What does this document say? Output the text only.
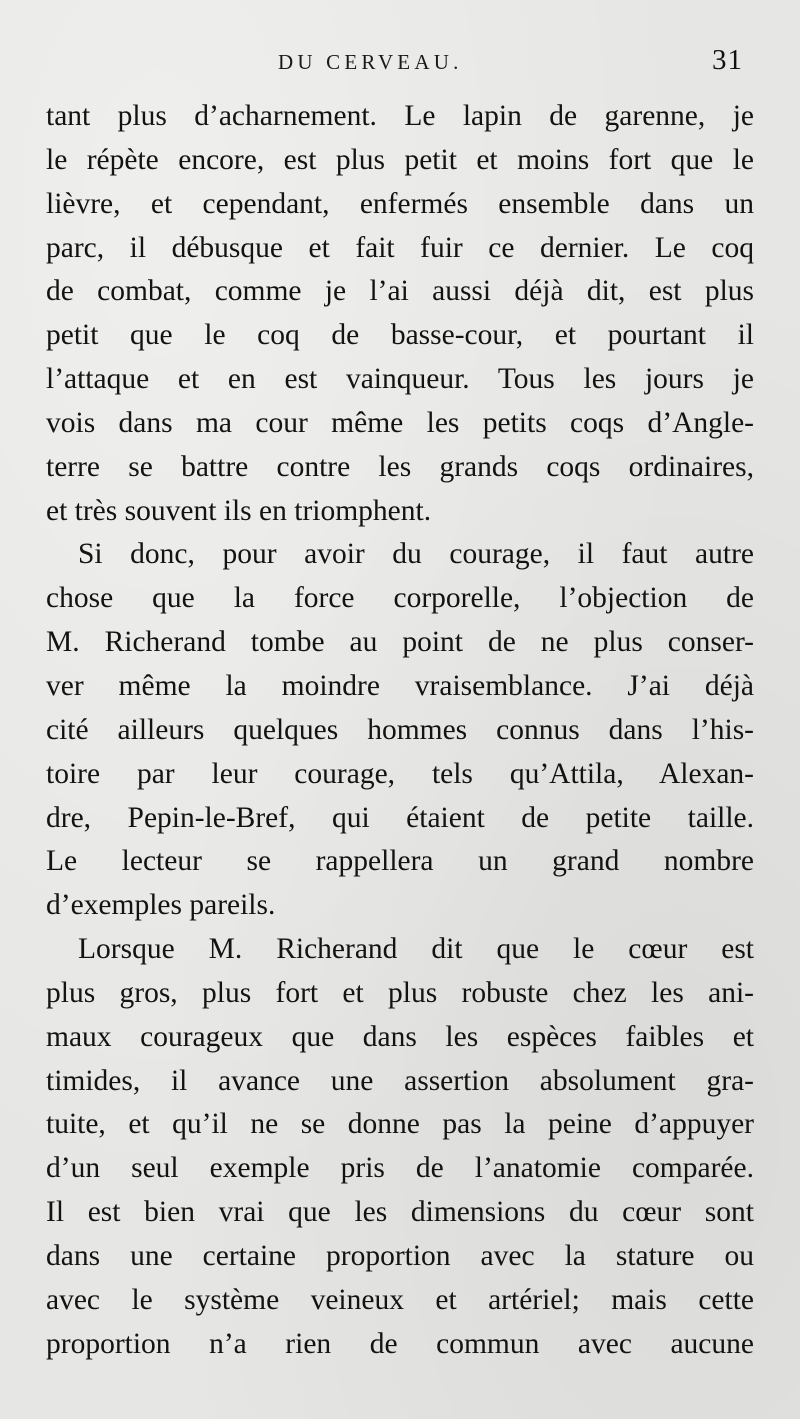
DU CERVEAU.	31
tant plus d’acharnement. Le lapin de garenne, je
le répète encore, est plus petit et moins fort que le
lièvre, et cependant, enfermés ensemble dans un
parc, il débusque et fait fuir ce dernier. Le coq
de combat, comme je l’ai aussi déjà dit, est plus
petit que le coq de basse-cour, et pourtant il
l’attaque et en est vainqueur. Tous les jours je
vois dans ma cour même les petits coqs d’Angle-
terre se battre contre les grands coqs ordinaires,
et très souvent ils en triomphent.
Si donc, pour avoir du courage, il faut autre
chose que la force corporelle, l’objection de
M. Richerand tombe au point de ne plus conser-
ver même la moindre vraisemblance. J’ai déjà
cité ailleurs quelques hommes connus dans l’his-
toire par leur courage, tels qu’Attila, Alexan-
dre, Pepin-le-Bref, qui étaient de petite taille.
Le lecteur se rappellera un grand nombre
d’exemples pareils.
Lorsque M. Richerand dit que le cœur est
plus gros, plus fort et plus robuste chez les ani-
maux courageux que dans les espèces faibles et
timides, il avance une assertion absolument gra-
tuite, et qu’il ne se donne pas la peine d’appuyer
d’un seul exemple pris de l’anatomie comparée.
Il est bien vrai que les dimensions du cœur sont
dans une certaine proportion avec la stature ou
avec le système veineux et artériel; mais cette
proportion n’a rien de commun avec aucune
